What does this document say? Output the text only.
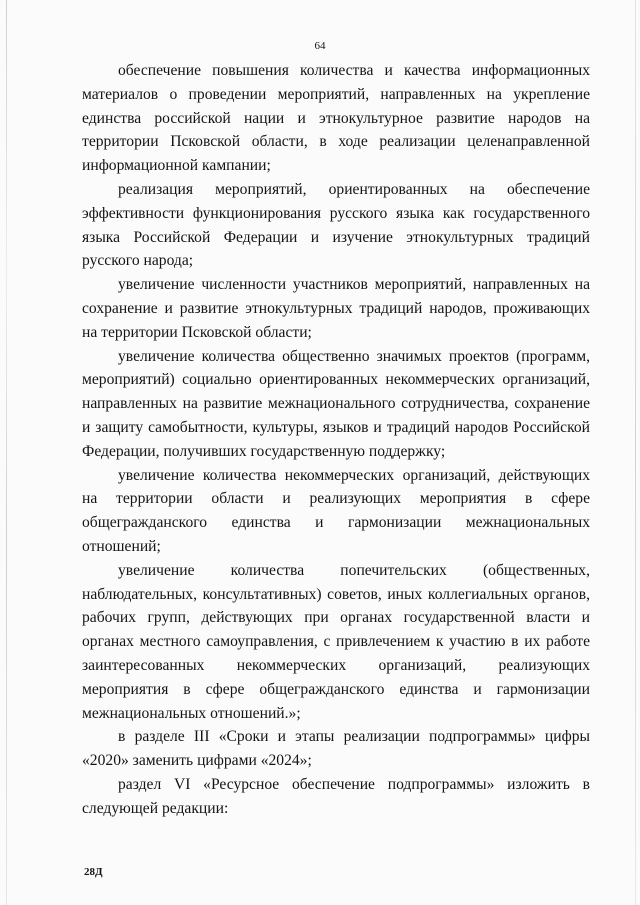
64

обеспечение повышения количества и качества информационных материалов о проведении мероприятий, направленных на укрепление единства российской нации и этнокультурное развитие народов на территории Псковской области, в ходе реализации целенаправленной информационной кампании;

реализация мероприятий, ориентированных на обеспечение эффективности функционирования русского языка как государственного языка Российской Федерации и изучение этнокультурных традиций русского народа;

увеличение численности участников мероприятий, направленных на сохранение и развитие этнокультурных традиций народов, проживающих на территории Псковской области;

увеличение количества общественно значимых проектов (программ, мероприятий) социально ориентированных некоммерческих организаций, направленных на развитие межнационального сотрудничества, сохранение и защиту самобытности, культуры, языков и традиций народов Российской Федерации, получивших государственную поддержку;

увеличение количества некоммерческих организаций, действующих на территории области и реализующих мероприятия в сфере общегражданского единства и гармонизации межнациональных отношений;

увеличение количества попечительских (общественных, наблюдательных, консультативных) советов, иных коллегиальных органов, рабочих групп, действующих при органах государственной власти и органах местного самоуправления, с привлечением к участию в их работе заинтересованных некоммерческих организаций, реализующих мероприятия в сфере общегражданского единства и гармонизации межнациональных отношений.»;

в разделе III «Сроки и этапы реализации подпрограммы» цифры «2020» заменить цифрами «2024»;

раздел VI «Ресурсное обеспечение подпрограммы» изложить в следующей редакции:

28Д
